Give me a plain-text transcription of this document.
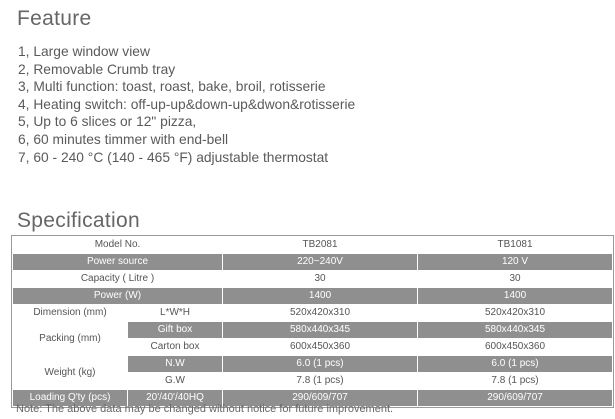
Feature
1, Large window view
2, Removable Crumb tray
3, Multi function: toast, roast, bake, broil, rotisserie
4, Heating switch: off-up-up&down-up&dwon&rotisserie
5, Up to 6 slices or 12" pizza,
6, 60 minutes timmer with end-bell
7, 60 - 240 °C (140 - 465 °F) adjustable thermostat
Specification
Model No.		TB2081	TB1081
Power source		220~240V	120 V
Capacity ( Litre )		30	30
Power (W)		1400	1400
Dimension (mm)	L*W*H	520x420x310	520x420x310
Packing (mm)	Gift box	580x440x345	580x440x345
	Carton box	600x450x360	600x450x360
Weight (kg)	N.W	6.0 (1 pcs)	6.0 (1 pcs)
	G.W	7.8 (1 pcs)	7.8 (1 pcs)
Loading Q'ty (pcs)	20'/40'/40HQ	290/609/707	290/609/707

Note: The above data may be changed without notice for future improvement.
